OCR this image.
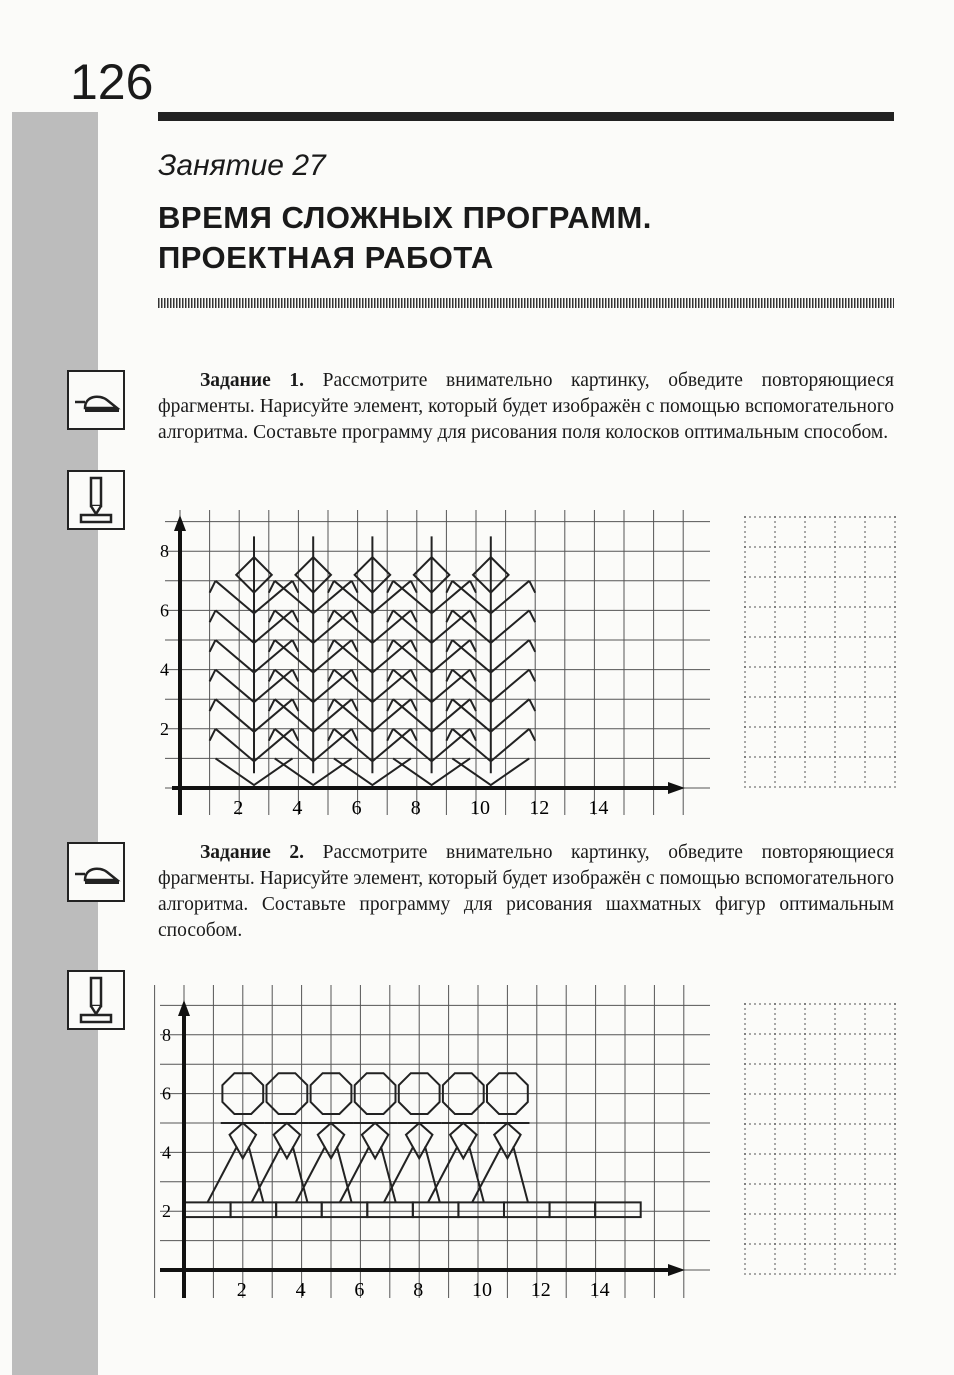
126
Занятие 27
ВРЕМЯ СЛОЖНЫХ ПРОГРАММ.
ПРОЕКТНАЯ РАБОТА
Задание 1. Рассмотрите внимательно картинку, обведите повторяющиеся фрагменты. Нарисуйте элемент, который будет изображён с помощью вспомогательного алгоритма. Составьте программу для рисования поля колосков оптимальным способом.
8
6
4
2
2 4 6 8 10 12 14
Задание 2. Рассмотрите внимательно картинку, обведите повторяющиеся фрагменты. Нарисуйте элемент, который будет изображён с помощью вспомогательного алгоритма. Составьте программу для рисования шахматных фигур оптимальным способом.
8
6
4
2
2 4 6 8 10 12 14
